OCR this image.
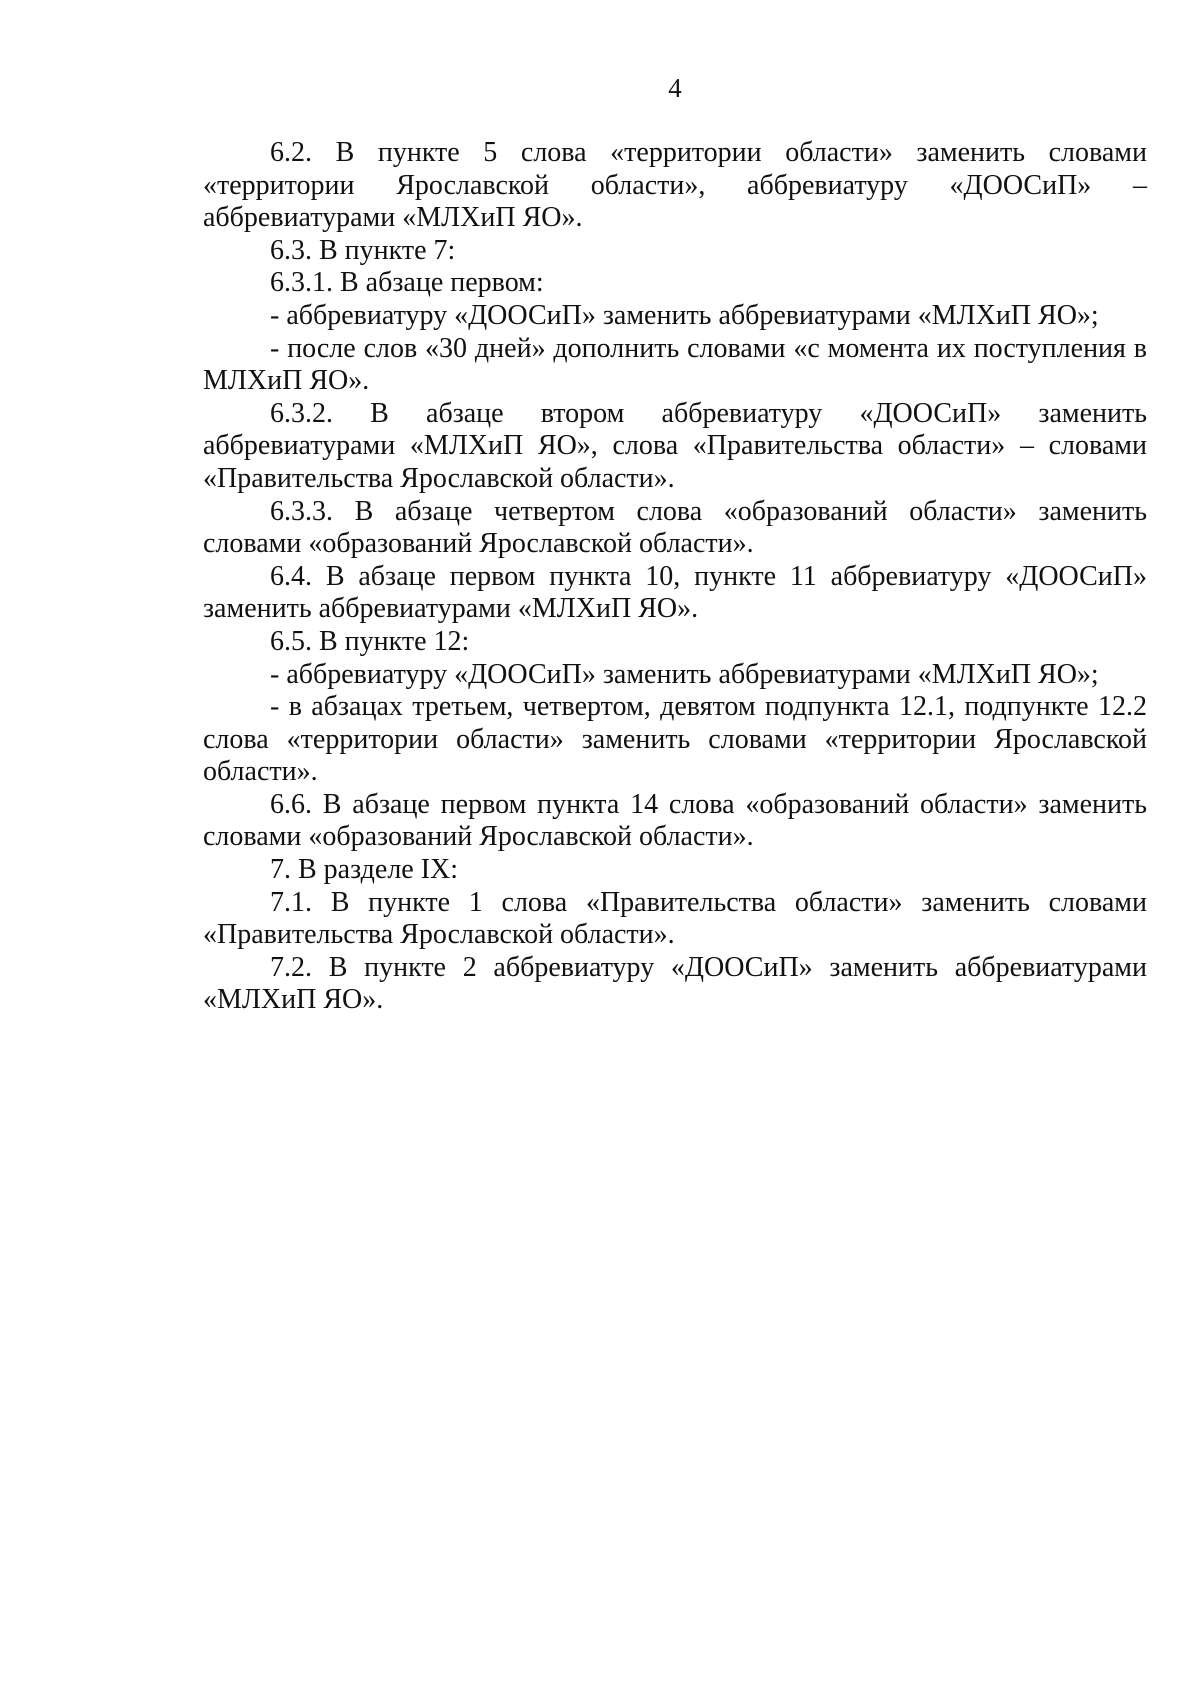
4

6.2. В пункте 5 слова «территории области» заменить словами «территории Ярославской области», аббревиатуру «ДООСиП» – аббревиатурами «МЛХиП ЯО».

6.3. В пункте 7:

6.3.1. В абзаце первом:

- аббревиатуру «ДООСиП» заменить аббревиатурами «МЛХиП ЯО»;

- после слов «30 дней» дополнить словами «с момента их поступления в МЛХиП ЯО».

6.3.2. В абзаце втором аббревиатуру «ДООСиП» заменить аббревиатурами «МЛХиП ЯО», слова «Правительства области» – словами «Правительства Ярославской области».

6.3.3. В абзаце четвертом слова «образований области» заменить словами «образований Ярославской области».

6.4. В абзаце первом пункта 10, пункте 11 аббревиатуру «ДООСиП» заменить аббревиатурами «МЛХиП ЯО».

6.5. В пункте 12:

- аббревиатуру «ДООСиП» заменить аббревиатурами «МЛХиП ЯО»;

- в абзацах третьем, четвертом, девятом подпункта 12.1, подпункте 12.2 слова «территории области» заменить словами «территории Ярославской области».

6.6. В абзаце первом пункта 14 слова «образований области» заменить словами «образований Ярославской области».

7. В разделе IX:

7.1. В пункте 1 слова «Правительства области» заменить словами «Правительства Ярославской области».

7.2. В пункте 2 аббревиатуру «ДООСиП» заменить аббревиатурами «МЛХиП ЯО».
